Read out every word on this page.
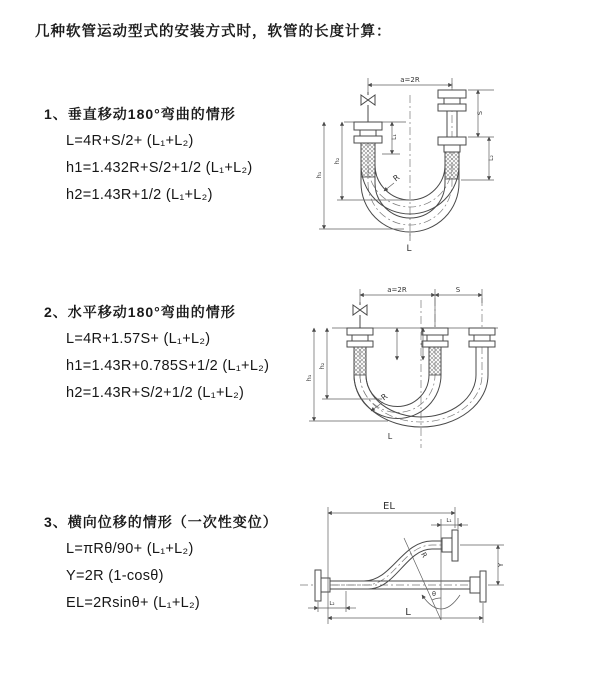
几种软管运动型式的安装方式时，软管的长度计算：
1、垂直移动180°弯曲的情形
L=4R+S/2+ (L₁+L₂)
h1=1.432R+S/2+1/2 (L₁+L₂)
h2=1.43R+1/2 (L₁+L₂)
2、水平移动180°弯曲的情形
L=4R+1.57S+ (L₁+L₂)
h1=1.43R+0.785S+1/2 (L₁+L₂)
h2=1.43R+S/2+1/2 (L₁+L₂)
3、横向位移的情形（一次性变位）
L=πRθ/90+ (L₁+L₂)
Y=2R (1-cosθ)
EL=2Rsinθ+ (L₁+L₂)
a=2R
L₁
S
L₂
h₂
h₁	R
L
a=2R	S
h₂
h₁
R
L
EL
L₁
Y
L
L₂
R
θ
